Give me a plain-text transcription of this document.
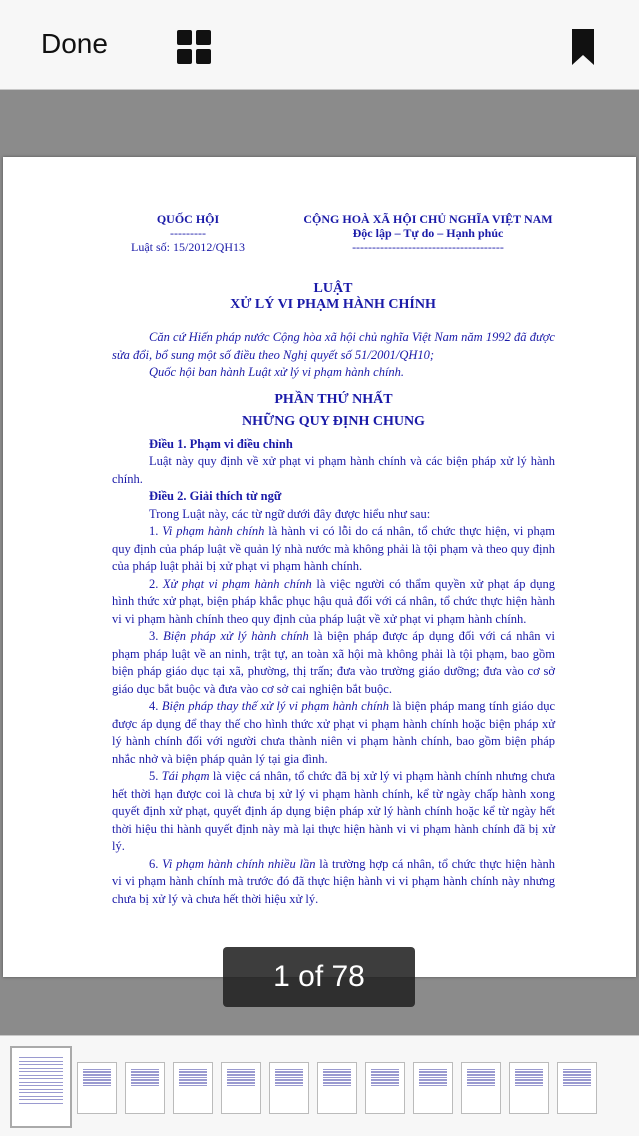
Done
QUỐC HỘI
---------
Luật số: 15/2012/QH13
CỘNG HOÀ XÃ HỘI CHỦ NGHĨA VIỆT NAM
Độc lập – Tự do – Hạnh phúc
--------------------------------------
LUẬT
XỬ LÝ VI PHẠM HÀNH CHÍNH

Căn cứ Hiến pháp nước Cộng hòa xã hội chủ nghĩa Việt Nam năm 1992 đã được sửa đổi, bổ sung một số điều theo Nghị quyết số 51/2001/QH10;

Quốc hội ban hành Luật xử lý vi phạm hành chính.

PHẦN THỨ NHẤT

NHỮNG QUY ĐỊNH CHUNG

Điều 1. Phạm vi điều chỉnh

Luật này quy định về xử phạt vi phạm hành chính và các biện pháp xử lý hành chính.

Điều 2. Giải thích từ ngữ

Trong Luật này, các từ ngữ dưới đây được hiểu như sau:

1. Vi phạm hành chính là hành vi có lỗi do cá nhân, tổ chức thực hiện, vi phạm quy định của pháp luật về quản lý nhà nước mà không phải là tội phạm và theo quy định của pháp luật phải bị xử phạt vi phạm hành chính.

2. Xử phạt vi phạm hành chính là việc người có thẩm quyền xử phạt áp dụng hình thức xử phạt, biện pháp khắc phục hậu quả đối với cá nhân, tổ chức thực hiện hành vi vi phạm hành chính theo quy định của pháp luật về xử phạt vi phạm hành chính.

3. Biện pháp xử lý hành chính là biện pháp được áp dụng đối với cá nhân vi phạm pháp luật về an ninh, trật tự, an toàn xã hội mà không phải là tội phạm, bao gồm biện pháp giáo dục tại xã, phường, thị trấn; đưa vào trường giáo dưỡng; đưa vào cơ sở giáo dục bắt buộc và đưa vào cơ sở cai nghiện bắt buộc.

4. Biện pháp thay thế xử lý vi phạm hành chính là biện pháp mang tính giáo dục được áp dụng để thay thế cho hình thức xử phạt vi phạm hành chính hoặc biện pháp xử lý hành chính đối với người chưa thành niên vi phạm hành chính, bao gồm biện pháp nhắc nhở và biện pháp quản lý tại gia đình.

5. Tái phạm là việc cá nhân, tổ chức đã bị xử lý vi phạm hành chính nhưng chưa hết thời hạn được coi là chưa bị xử lý vi phạm hành chính, kể từ ngày chấp hành xong quyết định xử phạt, quyết định áp dụng biện pháp xử lý hành chính hoặc kể từ ngày hết thời hiệu thi hành quyết định này mà lại thực hiện hành vi vi phạm hành chính đã bị xử lý.

6. Vi phạm hành chính nhiều lần là trường hợp cá nhân, tổ chức thực hiện hành vi vi phạm hành chính mà trước đó đã thực hiện hành vi vi phạm hành chính này nhưng chưa bị xử lý và chưa hết thời hiệu xử lý.

1 of 78
